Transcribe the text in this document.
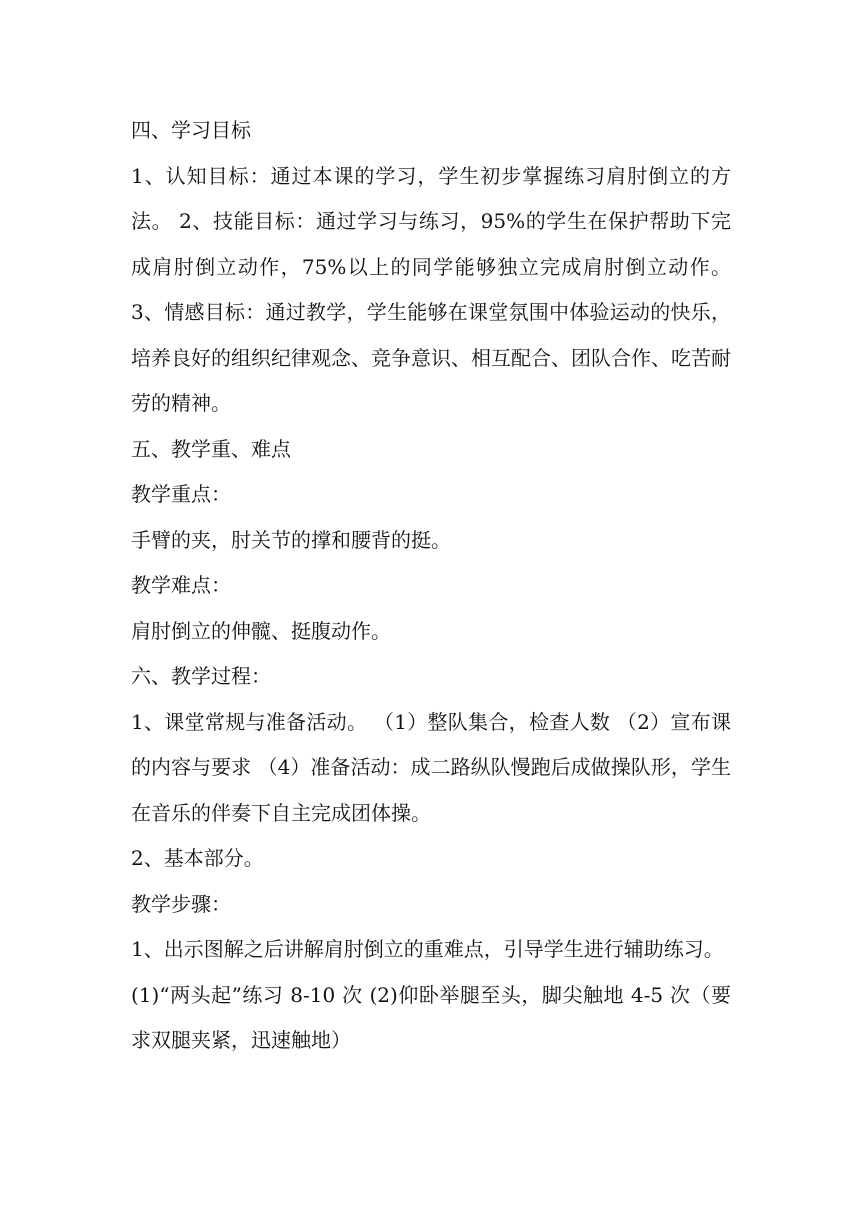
四、学习目标

1、认知目标：通过本课的学习，学生初步掌握练习肩肘倒立的方法。 2、技能目标：通过学习与练习，95%的学生在保护帮助下完成肩肘倒立动作，75%以上的同学能够独立完成肩肘倒立动作。 3、情感目标：通过教学，学生能够在课堂氛围中体验运动的快乐，培养良好的组织纪律观念、竞争意识、相互配合、团队合作、吃苦耐劳的精神。

五、教学重、难点

教学重点：

手臂的夹，肘关节的撑和腰背的挺。

教学难点：

肩肘倒立的伸髋、挺腹动作。

六、教学过程：

1、课堂常规与准备活动。 （1）整队集合，检查人数 （2）宣布课的内容与要求 （4）准备活动：成二路纵队慢跑后成做操队形，学生在音乐的伴奏下自主完成团体操。

2、基本部分。

教学步骤：

1、出示图解之后讲解肩肘倒立的重难点，引导学生进行辅助练习。

(1)“两头起”练习 8-10 次 (2)仰卧举腿至头，脚尖触地 4-5 次（要求双腿夹紧，迅速触地）
